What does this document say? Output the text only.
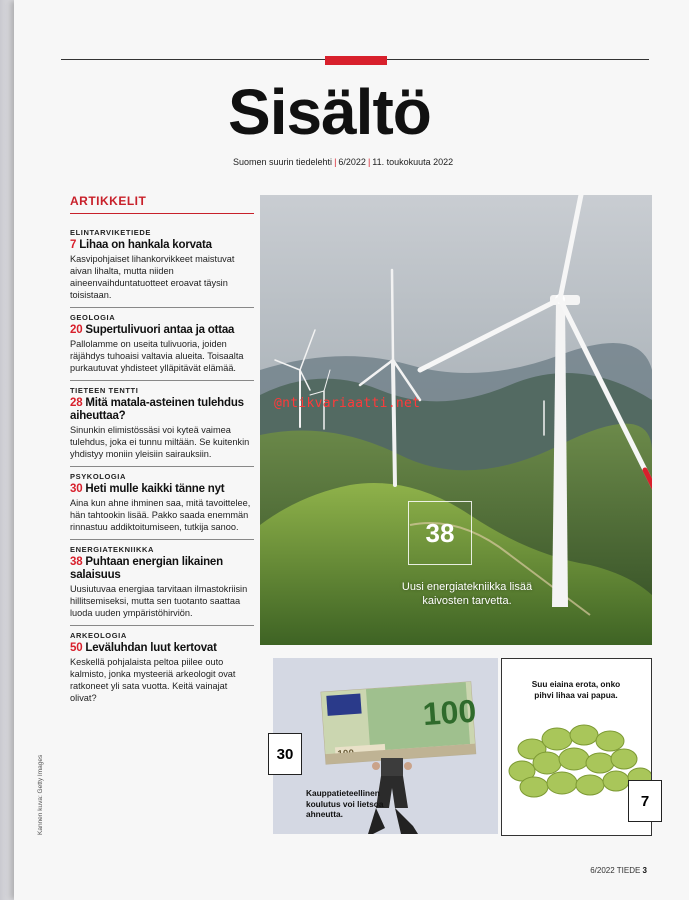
Sisältö
Suomen suurin tiedelehti | 6/2022 | 11. toukokuuta 2022
ARTIKKELIT
ELINTARVIKETIEDE
7 Lihaa on hankala korvata
Kasvipohjaiset lihankorvikkeet maistuvat aivan lihalta, mutta niiden aineenvaihduntatuotteet eroavat täysin toisistaan.
GEOLOGIA
20 Supertulivuori antaa ja ottaa
Pallolamme on useita tulivuoria, joiden räjähdys tuhoaisi valtavia alueita. Toisaalta purkautuvat yhdisteet ylläpitävät elämää.
TIETEEN TENTTI
28 Mitä matala-asteinen tulehdus aiheuttaa?
Sinunkin elimistössäsi voi kyteä vaimea tulehdus, joka ei tunnu miltään. Se kuitenkin yhdistyy moniin yleisiin sairauksiin.
PSYKOLOGIA
30 Heti mulle kaikki tänne nyt
Aina kun ahne ihminen saa, mitä tavoittelee, hän tahtookin lisää. Pakko saada enemmän rinnastuu addiktoitumiseen, tutkija sanoo.
ENERGIATEKNIIKKA
38 Puhtaan energian likainen salaisuus
Uusiutuvaa energiaa tarvitaan ilmastokriisin hillitsemiseksi, mutta sen tuotanto saattaa luoda uuden ympäristöhirviön.
ARKEOLOGIA
50 Leväluhdan luut kertovat
Keskellä pohjalaista peltoa piilee outo kalmisto, jonka mysteeriä arkeologit ovat ratkoneet yli sata vuotta. Keitä vainajat olivat?
@ntikvariaatti.net
38
Uusi energiatekniikka lisää kaivosten tarvetta.
100
30
Kauppatieteellinen koulutus voi lietsoa ahneutta.
Suu eiaina erota, onko pihvi lihaa vai papua.
7
Kannen kuva: Getty Images
6/2022 TIEDE 3
